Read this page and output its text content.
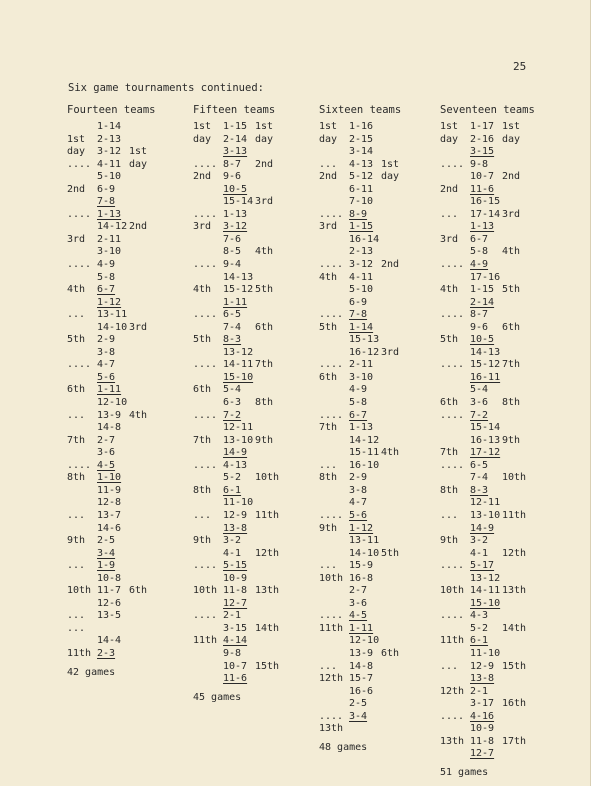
25
Six game tournaments continued:
Fourteen teams
1-14
1st 2-13
day 3-12 1st
.... 4-11 day
5-10
2nd 6-9
7-8
.... 1-13
14-12 2nd
3rd 2-11
3-10
.... 4-9
5-8
4th 6-7
1-12
... 13-11
14-10 3rd
5th 2-9
3-8
.... 4-7
5-6
6th 1-11
12-10
... 13-9 4th
14-8
7th 2-7
3-6
.... 4-5
8th 1-10
11-9
12-8
... 13-7
14-6
9th 2-5
3-4
... 1-9
10-8
10th 11-7 6th
12-6
... 13-5
...
14-4
11th 2-3
42 games
Fifteen teams
1st 1-15 1st
day 2-14 day
3-13
.... 8-7 2nd
2nd 9-6
10-5
15-14 3rd
.... 1-13
3rd 3-12
7-6
8-5 4th
.... 9-4
14-13
4th 15-12 5th
1-11
.... 6-5
7-4 6th
5th 8-3
13-12
.... 14-11 7th
15-10
6th 5-4
6-3 8th
.... 7-2
12-11
7th 13-10 9th
14-9
.... 4-13
5-2 10th
8th 6-1
11-10
... 12-9 11th
13-8
9th 3-2
4-1 12th
.... 5-15
10-9
10th 11-8 13th
12-7
.... 2-1
3-15 14th
11th 4-14
9-8
10-7 15th
11-6
45 games
Sixteen teams
1st 1-16
day 2-15
3-14
... 4-13 1st
2nd 5-12 day
6-11
7-10
.... 8-9
3rd 1-15
16-14
2-13
.... 3-12 2nd
4th 4-11
5-10
6-9
.... 7-8
5th 1-14
15-13
16-12 3rd
.... 2-11
6th 3-10
4-9
5-8
.... 6-7
7th 1-13
14-12
15-11 4th
... 16-10
8th 2-9
3-8
4-7
.... 5-6
9th 1-12
13-11
14-10 5th
... 15-9
10th 16-8
2-7
3-6
.... 4-5
11th 1-11
12-10
13-9 6th
... 14-8
12th 15-7
16-6
2-5
.... 3-4
13th
48 games
Seventeen teams
1st 1-17 1st
day 2-16 day
3-15
.... 9-8
10-7 2nd
2nd 11-6
16-15
... 17-14 3rd
1-13
3rd 6-7
5-8 4th
.... 4-9
17-16
4th 1-15 5th
2-14
.... 8-7
9-6 6th
5th 10-5
14-13
.... 15-12 7th
16-11
5-4
6th 3-6 8th
.... 7-2
15-14
16-13 9th
7th 17-12
.... 6-5
7-4 10th
8th 8-3
12-11
... 13-10 11th
14-9
9th 3-2
4-1 12th
.... 5-17
13-12
10th 14-11 13th
15-10
.... 4-3
5-2 14th
11th 6-1
11-10
... 12-9 15th
13-8
12th 2-1
3-17 16th
.... 4-16
10-9
13th 11-8 17th
12-7
51 games
